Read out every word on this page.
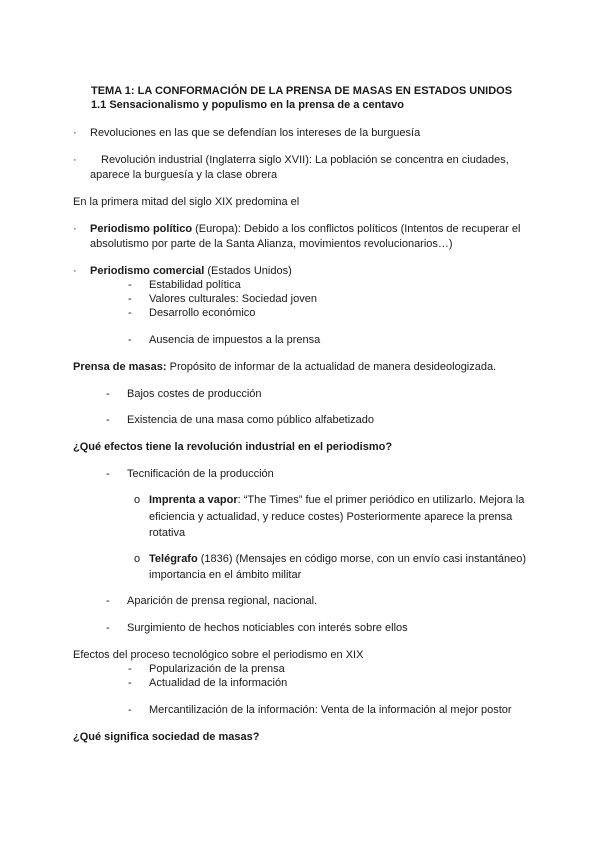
TEMA 1: LA CONFORMACIÓN DE LA PRENSA DE MASAS EN ESTADOS UNIDOS
1.1 Sensacionalismo y populismo en la prensa de a centavo
· Revoluciones en las que se defendían los intereses de la burguesía
· Revolución industrial (Inglaterra siglo XVII): La población se concentra en ciudades,
aparece la burguesía y la clase obrera
En la primera mitad del siglo XIX predomina el
· Periodismo político (Europa): Debido a los conflictos políticos (Intentos de recuperar el
absolutismo por parte de la Santa Alianza, movimientos revolucionarios…)
· Periodismo comercial (Estados Unidos)
- Estabilidad política
- Valores culturales: Sociedad joven
- Desarrollo económico
- Ausencia de impuestos a la prensa
Prensa de masas: Propósito de informar de la actualidad de manera desideologizada.
- Bajos costes de producción
- Existencia de una masa como público alfabetizado
¿Qué efectos tiene la revolución industrial en el periodismo?
- Tecnificación de la producción
o Imprenta a vapor: “The Times” fue el primer periódico en utilizarlo. Mejora la
eficiencia y actualidad, y reduce costes) Posteriormente aparece la prensa
rotativa
o Telégrafo (1836) (Mensajes en código morse, con un envío casi instantáneo)
importancia en el ámbito militar
- Aparición de prensa regional, nacional.
- Surgimiento de hechos noticiables con interés sobre ellos
Efectos del proceso tecnológico sobre el periodismo en XIX
- Popularización de la prensa
- Actualidad de la información
- Mercantilización de la información: Venta de la información al mejor postor
¿Qué significa sociedad de masas?
